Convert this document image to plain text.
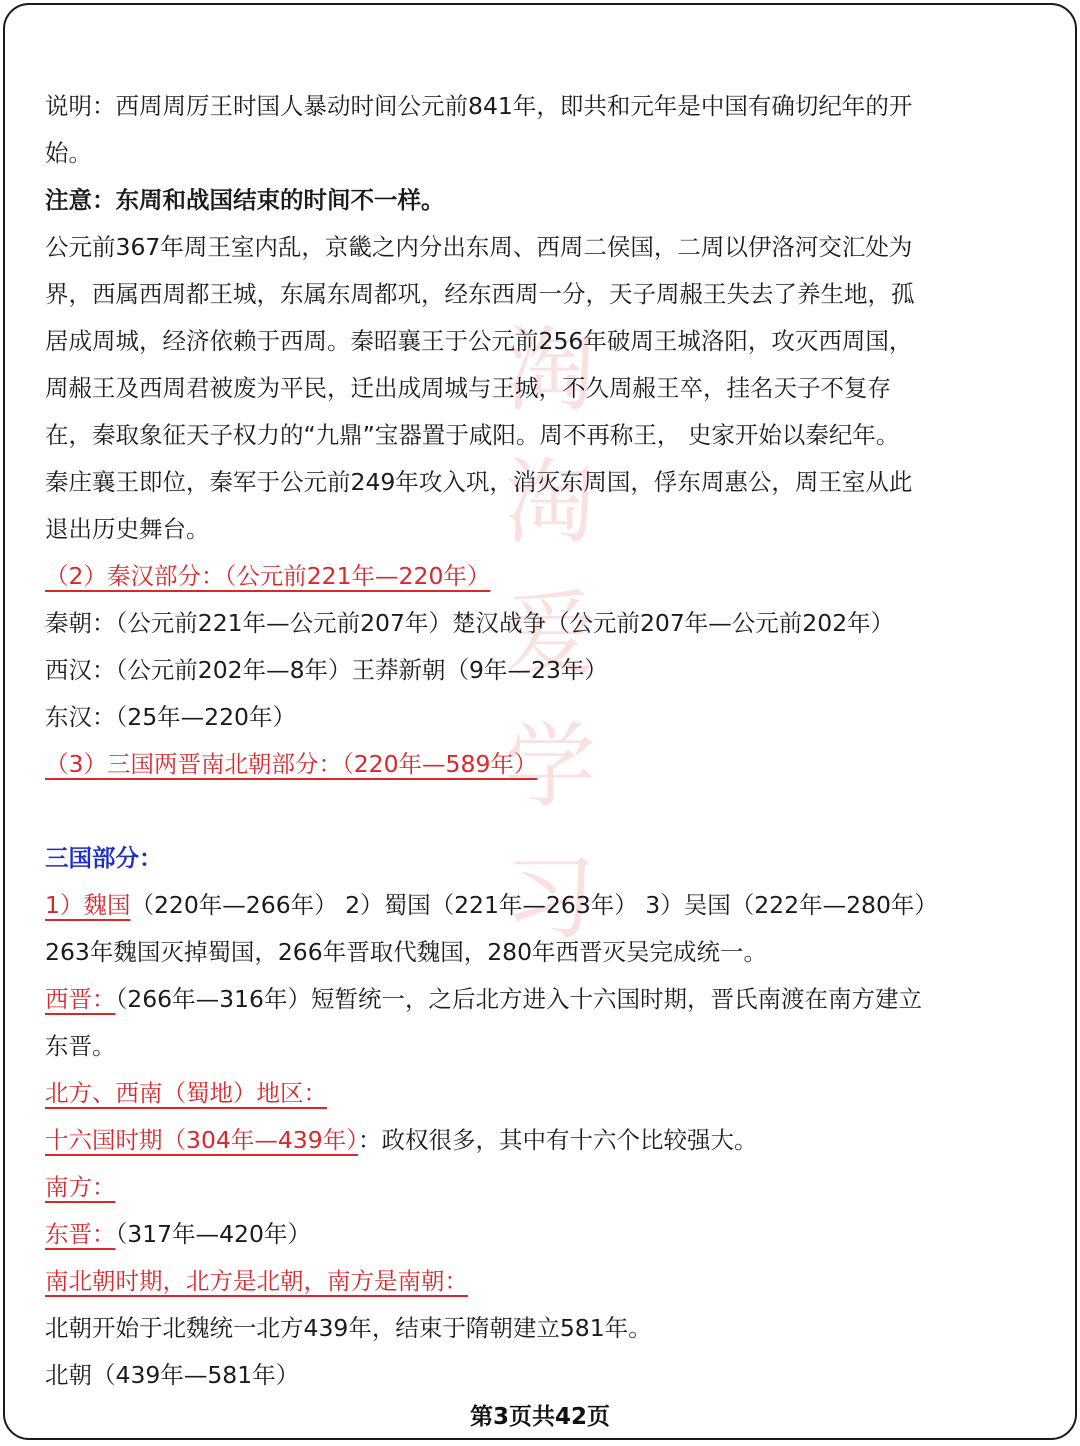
淘
淘
爱
学
习

说明：西周周厉王时国人暴动时间公元前841年，即共和元年是中国有确切纪年的开

始。

注意：东周和战国结束的时间不一样。

公元前367年周王室内乱，京畿之内分出东周、西周二侯国，二周以伊洛河交汇处为

界，西属西周都王城，东属东周都巩，经东西周一分，天子周赧王失去了养生地，孤

居成周城，经济依赖于西周。秦昭襄王于公元前256年破周王城洛阳，攻灭西周国，

周赧王及西周君被废为平民，迁出成周城与王城，不久周赧王卒，挂名天子不复存

在，秦取象征天子权力的“九鼎”宝器置于咸阳。周不再称王， 史家开始以秦纪年。

秦庄襄王即位，秦军于公元前249年攻入巩，消灭东周国，俘东周惠公，周王室从此

退出历史舞台。

（2）秦汉部分：（公元前221年—220年）

秦朝：（公元前221年—公元前207年）楚汉战争（公元前207年—公元前202年）

西汉：（公元前202年—8年）王莽新朝（9年—23年）

东汉：（25年—220年）

（3）三国两晋南北朝部分：（220年—589年）

三国部分：

1）魏国（220年—266年） 2）蜀国（221年—263年） 3）吴国（222年—280年）

263年魏国灭掉蜀国，266年晋取代魏国，280年西晋灭吴完成统一。

西晋：（266年—316年）短暂统一，之后北方进入十六国时期，晋氏南渡在南方建立

东晋。

北方、西南（蜀地）地区：

十六国时期（304年—439年）：政权很多，其中有十六个比较强大。

南方：

东晋：（317年—420年）

南北朝时期，北方是北朝，南方是南朝：

北朝开始于北魏统一北方439年，结束于隋朝建立581年。

北朝（439年—581年）

第3页共42页
